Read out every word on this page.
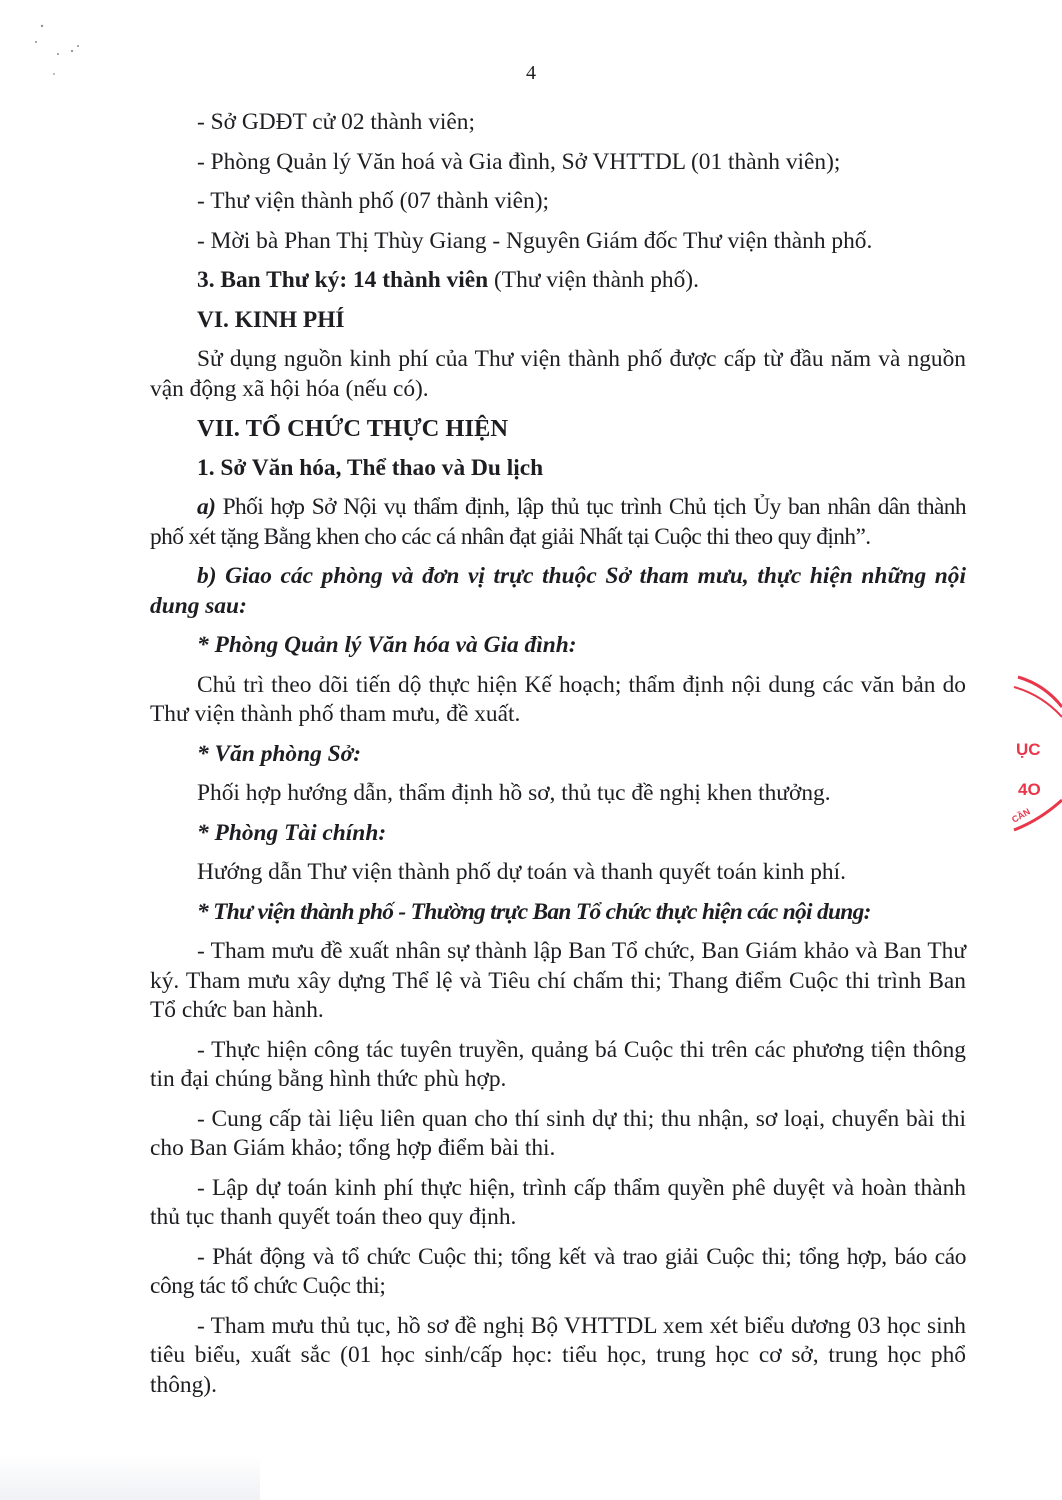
4

- Sở GDĐT cử 02 thành viên;

- Phòng Quản lý Văn hoá và Gia đình, Sở VHTTDL (01 thành viên);

- Thư viện thành phố (07 thành viên);

- Mời bà Phan Thị Thùy Giang - Nguyên Giám đốc Thư viện thành phố.

3. Ban Thư ký: 14 thành viên (Thư viện thành phố).

VI. KINH PHÍ

Sử dụng nguồn kinh phí của Thư viện thành phố được cấp từ đầu năm và nguồn vận động xã hội hóa (nếu có).

VII. TỔ CHỨC THỰC HIỆN

1. Sở Văn hóa, Thể thao và Du lịch

a) Phối hợp Sở Nội vụ thẩm định, lập thủ tục trình Chủ tịch Ủy ban nhân dân thành phố xét tặng Bằng khen cho các cá nhân đạt giải Nhất tại Cuộc thi theo quy định”.

b) Giao các phòng và đơn vị trực thuộc Sở tham mưu, thực hiện những nội dung sau:

* Phòng Quản lý Văn hóa và Gia đình:

Chủ trì theo dõi tiến dộ thực hiện Kế hoạch; thẩm định nội dung các văn bản do Thư viện thành phố tham mưu, đề xuất.

* Văn phòng Sở:

Phối hợp hướng dẫn, thẩm định hồ sơ, thủ tục đề nghị khen thưởng.

* Phòng Tài chính:

Hướng dẫn Thư viện thành phố dự toán và thanh quyết toán kinh phí.

* Thư viện thành phố - Thường trực Ban Tổ chức thực hiện các nội dung:

- Tham mưu đề xuất nhân sự thành lập Ban Tổ chức, Ban Giám khảo và Ban Thư ký. Tham mưu xây dựng Thể lệ và Tiêu chí chấm thi; Thang điểm Cuộc thi trình Ban Tổ chức ban hành.

- Thực hiện công tác tuyên truyền, quảng bá Cuộc thi trên các phương tiện thông tin đại chúng bằng hình thức phù hợp.

- Cung cấp tài liệu liên quan cho thí sinh dự thi; thu nhận, sơ loại, chuyển bài thi cho Ban Giám khảo; tổng hợp điểm bài thi.

- Lập dự toán kinh phí thực hiện, trình cấp thẩm quyền phê duyệt và hoàn thành thủ tục thanh quyết toán theo quy định.

- Phát động và tổ chức Cuộc thi; tổng kết và trao giải Cuộc thi; tổng hợp, báo cáo công tác tổ chức Cuộc thi;

- Tham mưu thủ tục, hồ sơ đề nghị Bộ VHTTDL xem xét biểu dương 03 học sinh tiêu biểu, xuất sắc (01 học sinh/cấp học: tiểu học, trung học cơ sở, trung học phổ thông).

ỤC
4O
CẦN
